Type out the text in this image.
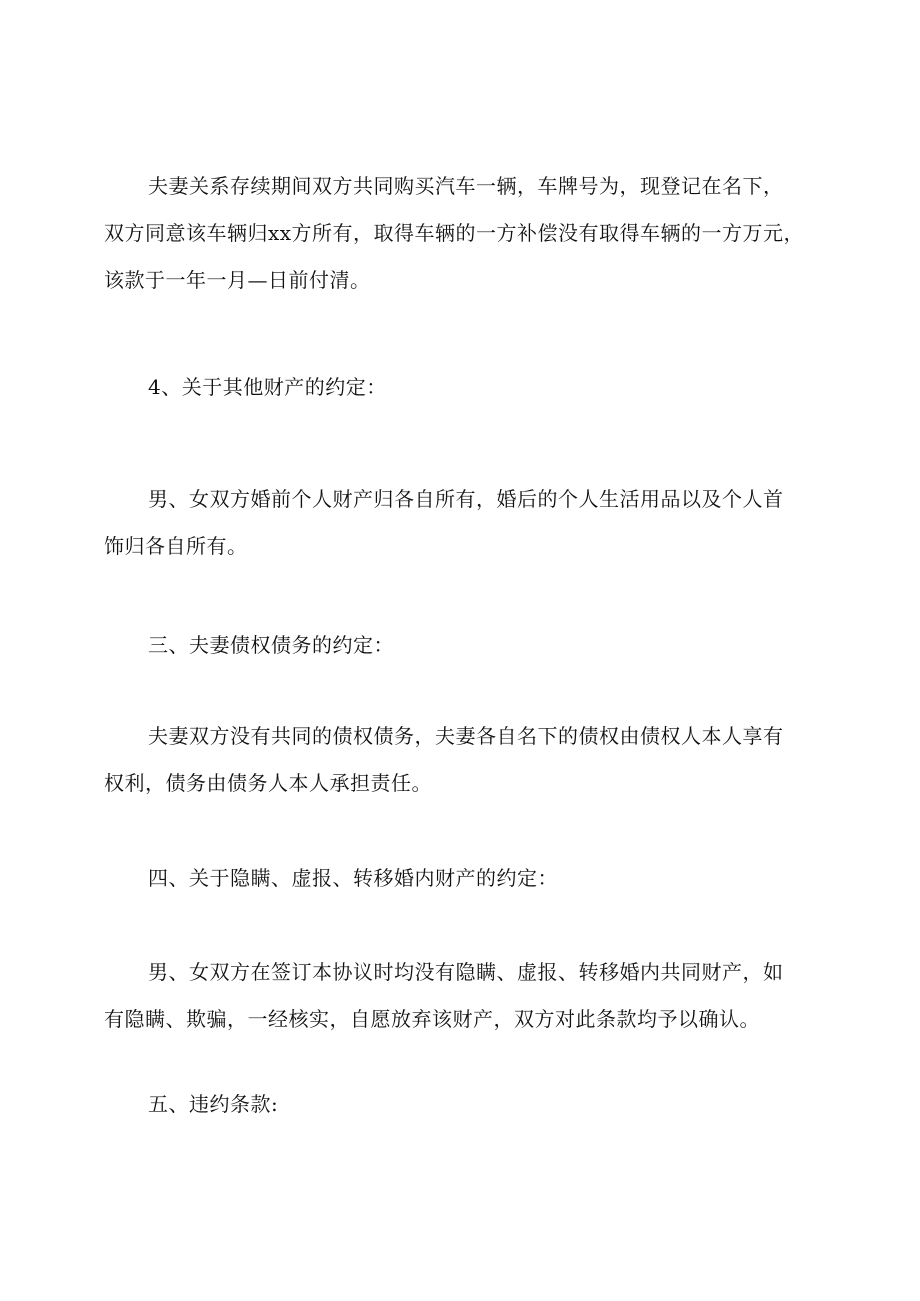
夫妻关系存续期间双方共同购买汽车一辆，车牌号为，现登记在名下，
双方同意该车辆归xx方所有，取得车辆的一方补偿没有取得车辆的一方万元，
该款于一年一月—日前付清。
4、关于其他财产的约定：
男、女双方婚前个人财产归各自所有，婚后的个人生活用品以及个人首
饰归各自所有。
三、夫妻债权债务的约定：
夫妻双方没有共同的债权债务，夫妻各自名下的债权由债权人本人享有
权利，债务由债务人本人承担责任。
四、关于隐瞒、虚报、转移婚内财产的约定：
男、女双方在签订本协议时均没有隐瞒、虚报、转移婚内共同财产，如
有隐瞒、欺骗，一经核实，自愿放弃该财产，双方对此条款均予以确认。
五、违约条款:
